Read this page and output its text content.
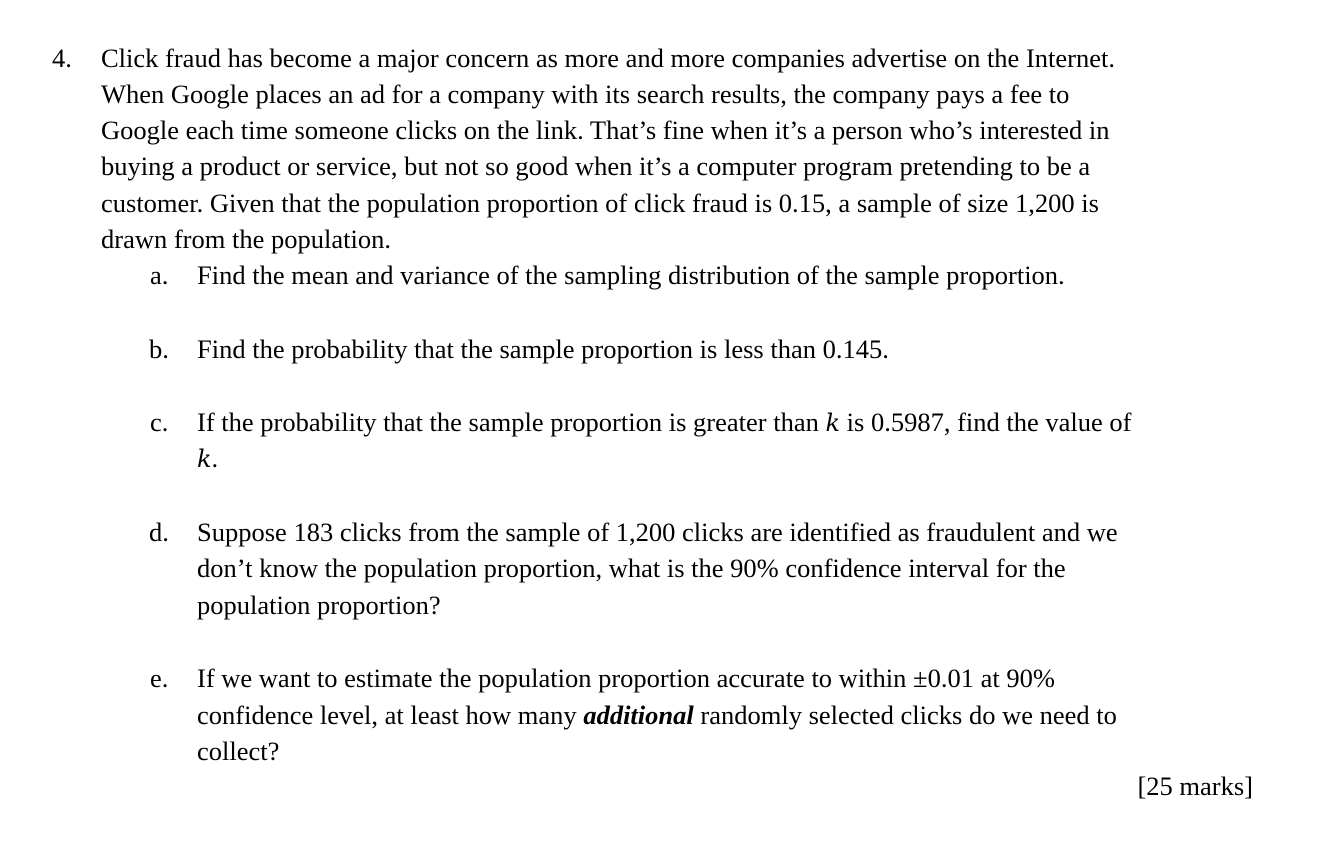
4. Click fraud has become a major concern as more and more companies advertise on the Internet.
When Google places an ad for a company with its search results, the company pays a fee to
Google each time someone clicks on the link. That’s fine when it’s a person who’s interested in
buying a product or service, but not so good when it’s a computer program pretending to be a
customer. Given that the population proportion of click fraud is 0.15, a sample of size 1,200 is
drawn from the population.
a. Find the mean and variance of the sampling distribution of the sample proportion.
b. Find the probability that the sample proportion is less than 0.145.
c. If the probability that the sample proportion is greater than k is 0.5987, find the value of
k.
d. Suppose 183 clicks from the sample of 1,200 clicks are identified as fraudulent and we
don’t know the population proportion, what is the 90% confidence interval for the
population proportion?
e. If we want to estimate the population proportion accurate to within ±0.01 at 90%
confidence level, at least how many additional randomly selected clicks do we need to
collect?
[25 marks]
